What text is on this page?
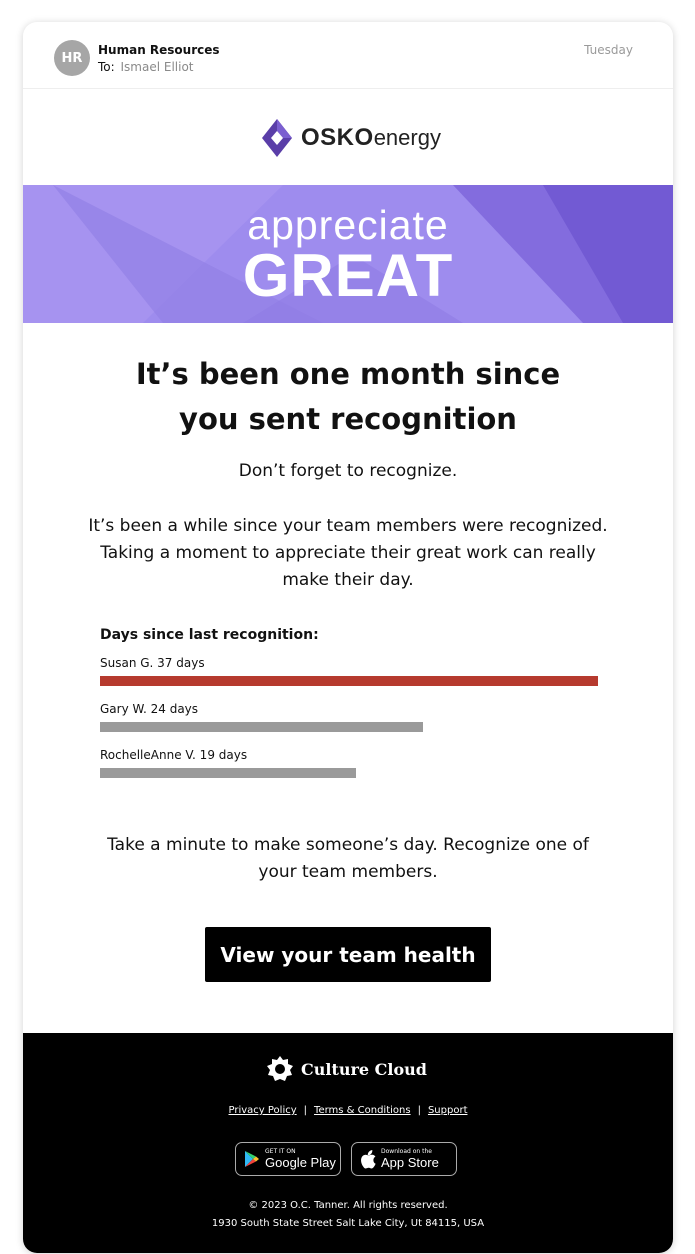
HR
Human Resources
To: Ismael Elliot
Tuesday
OSKOenergy
appreciate
GREAT
It’s been one month since
you sent recognition
Don’t forget to recognize.
It’s been a while since your team members were recognized. Taking a moment to appreciate their great work can really make their day.
Days since last recognition:
Susan G. 37 days
Gary W. 24 days
RochelleAnne V. 19 days
Take a minute to make someone’s day. Recognize one of your team members.
View your team health
Culture Cloud
Privacy Policy | Terms & Conditions | Support
GET IT ON
Google Play
Download on the
App Store
© 2023 O.C. Tanner. All rights reserved.
1930 South State Street Salt Lake City, Ut 84115, USA
